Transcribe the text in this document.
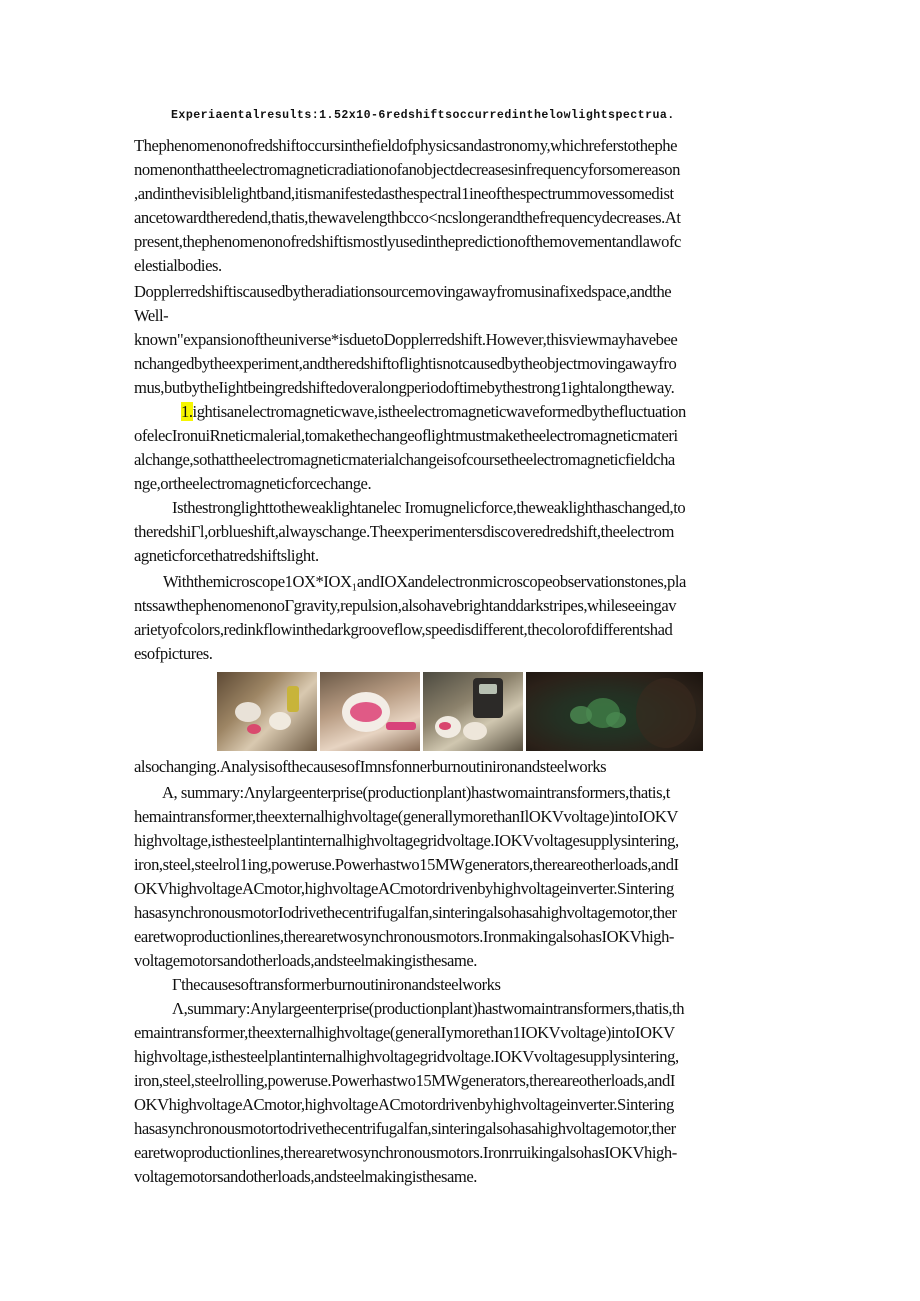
Experiaentalresults:1.52x10-6redshiftsoccurredinthelowlightspectrua.
Thephenomenonofredshiftoccursinthefieldofphysicsandastronomy,whichreferstothephe
nomenonthattheelectromagneticradiationofanobjectdecreasesinfrequencyforsomereason
,andinthevisiblelightband,itismanifestedasthespectral1ineofthespectrummovessomedist
ancetowardtheredend,thatis,thewavelengthbcco<ncslongerandthefrequencydecreases.At
present,thephenomenonofredshiftismostlyusedinthepredictionofthemovementandlawofc
elestialbodies.
Dopplerredshiftiscausedbytheradiationsourcemovingawayfromusinafixedspace,andthe
Well-
known"expansionoftheuniverse*isduetoDopplerredshift.However,thisviewmayhavebee
nchangedbytheexperiment,andtheredshiftoflightisnotcausedbytheobjectmovingawayfro
mus,butbytheIightbeingredshiftedoveralongperiodoftimebythestrong1ightalongtheway.
1.ightisanelectromagneticwave,istheelectromagneticwaveformedbythefluctuation
ofelecIronuiRneticmalerial,tomakethechangeoflightmustmaketheelectromagneticmateri
alchange,sothattheelectromagneticmaterialchangeisofcoursetheelectromagneticfieldcha
nge,ortheelectromagneticforcechange.
Isthestronglighttotheweaklightanelec Iromugnelicforce,theweaklighthaschanged,to
theredshiΓl,orblueshift,alwayschange.Theexperimentersdiscoveredredshift,theelectrom
agneticforcethatredshiftslight.
Withthemicroscope1OX*IOX₁andIOXandelectronmicroscopeobservationstones,pla
ntssawthephenomenonoΓgravity,repulsion,alsohavebrightanddarkstripes,whileseeingav
arietyofcolors,redinkflowinthedarkgrooveflow,speedisdifferent,thecolorofdifferentshad
esofpictures.
alsochanging.AnalysisofthecausesofImnsfonnerburnoutinironandsteelworks
A, summary:Λnylargeenterprise(productionplant)hastwomaintransformers,thatis,t
hemaintransformer,theexternalhighvoltage(generallymorethanIlOKVvoltage)intoIOKV
highvoltage,isthesteelplantinternalhighvoltagegridvoltage.IOKVvoltagesupplysintering,
iron,steel,steelrol1ing,poweruse.Powerhastwo15MWgenerators,thereareotherloads,andI
OKVhighvoltageACmotor,highvoltageACmotordrivenbyhighvoltageinverter.Sintering
hasasynchronousmotorIodrivethecentrifugalfan,sinteringalsohasahighvoltagemotor,ther
earetwoproductionlines,therearetwosynchronousmotors.IronmakingalsohasIOKVhigh-
voltagemotorsandotherloads,andsteelmakingisthesame.
Γthecausesoftransformerburnoutinironandsteelworks
Λ,summary:Anylargeenterprise(productionplant)hastwomaintransformers,thatis,th
emaintransformer,theexternalhighvoltage(generalIymorethan1IOKVvoltage)intoIOKV
highvoltage,isthesteelplantinternalhighvoltagegridvoltage.IOKVvoltagesupplysintering,
iron,steel,steelrolling,poweruse.Powerhastwo15MWgenerators,thereareotherloads,andI
OKVhighvoltageACmotor,highvoltageACmotordrivenbyhighvoltageinverter.Sintering
hasasynchronousmotortodrivethecentrifugalfan,sinteringalsohasahighvoltagemotor,ther
earetwoproductionlines,therearetwosynchronousmotors.IronrruikingalsohasIOKVhigh-
voltagemotorsandotherloads,andsteelmakingisthesame.
